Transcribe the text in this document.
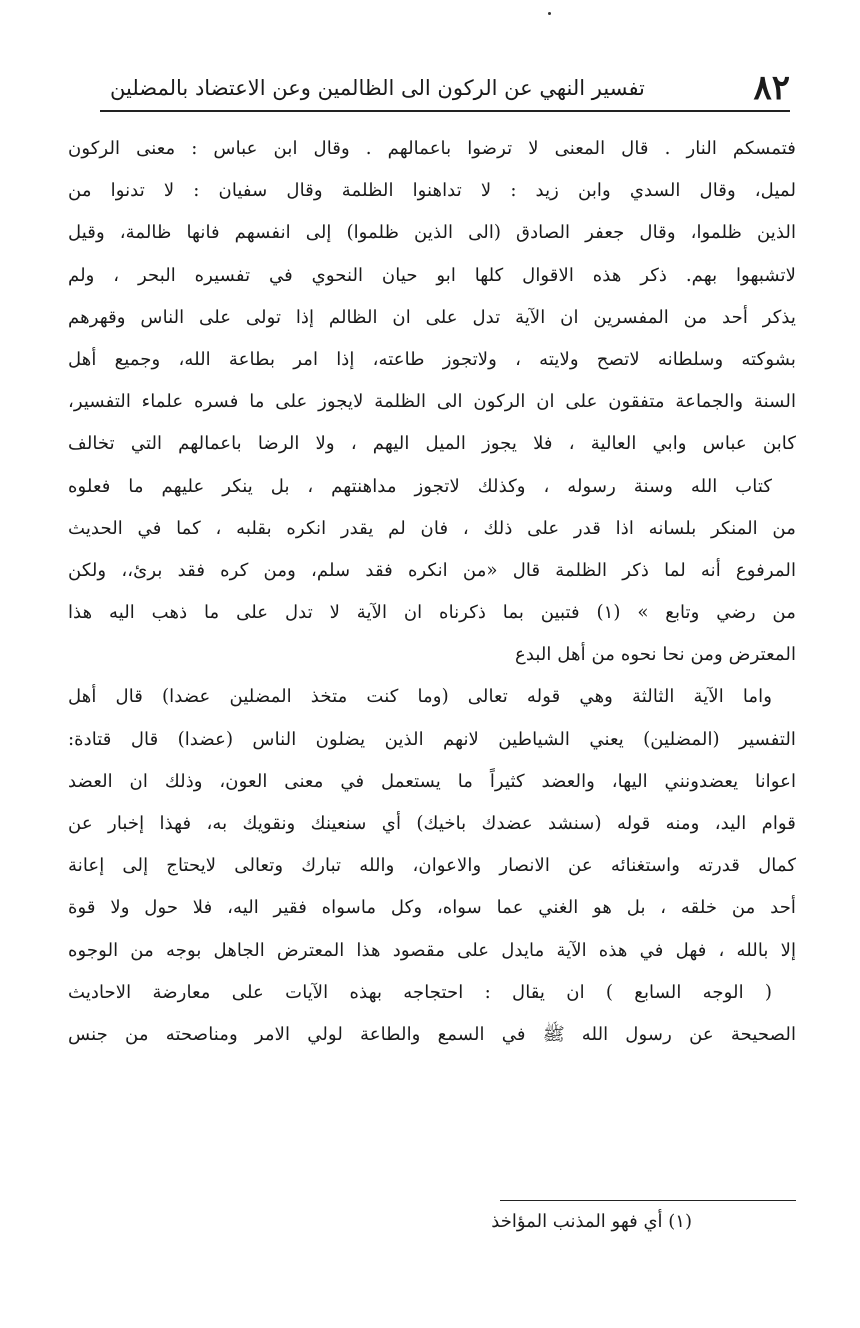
٨٢
تفسير النهي عن الركون الى الظالمين وعن الاعتضاد بالمضلين
فتمسكم النار . قال المعنى لا ترضوا باعمالهم . وقال ابن عباس : معنى الركون
لميل، وقال السدي وابن زيد : لا تداهنوا الظلمة وقال سفيان : لا تدنوا من
الذين ظلموا، وقال جعفر الصادق (الى الذين ظلموا) إلى انفسهم فانها ظالمة، وقيل
لاتشبهوا بهم. ذكر هذه الاقوال كلها ابو حيان النحوي في تفسيره البحر ، ولم
يذكر أحد من المفسرين ان الآية تدل على ان الظالم إذا تولى على الناس وقهرهم
بشوكته وسلطانه لاتصح ولايته ، ولاتجوز طاعته، إذا امر بطاعة الله، وجميع أهل
السنة والجماعة متفقون على ان الركون الى الظلمة لايجوز على ما فسره علماء التفسير،
كابن عباس وابي العالية ، فلا يجوز الميل اليهم ، ولا الرضا باعمالهم التي تخالف
كتاب الله وسنة رسوله ، وكذلك لاتجوز مداهنتهم ، بل ينكر عليهم ما فعلوه
من المنكر بلسانه اذا قدر على ذلك ، فان لم يقدر انكره بقلبه ، كما في الحديث
المرفوع أنه لما ذكر الظلمة قال «من انكره فقد سلم، ومن كره فقد برئ،، ولكن
من رضي وتابع » (١) فتبين بما ذكرناه ان الآية لا تدل على ما ذهب اليه هذا
المعترض ومن نحا نحوه من أهل البدع
واما الآية الثالثة وهي قوله تعالى (وما كنت متخذ المضلين عضدا) قال أهل
التفسير (المضلين) يعني الشياطين لانهم الذين يضلون الناس (عضدا) قال قتادة:
اعوانا يعضدونني اليها، والعضد كثيراً ما يستعمل في معنى العون، وذلك ان العضد
قوام اليد، ومنه قوله (سنشد عضدك باخيك) أي سنعينك ونقويك به، فهذا إخبار عن
كمال قدرته واستغنائه عن الانصار والاعوان، والله تبارك وتعالى لايحتاج إلى إعانة
أحد من خلقه ، بل هو الغني عما سواه، وكل ماسواه فقير اليه، فلا حول ولا قوة
إلا بالله ، فهل في هذه الآية مايدل على مقصود هذا المعترض الجاهل بوجه من الوجوه
( الوجه السابع ) ان يقال : احتجاجه بهذه الآيات على معارضة الاحاديث
الصحيحة عن رسول الله ﷺ في السمع والطاعة لولي الامر ومناصحته من جنس
(١) أي فهو المذنب المؤاخذ
